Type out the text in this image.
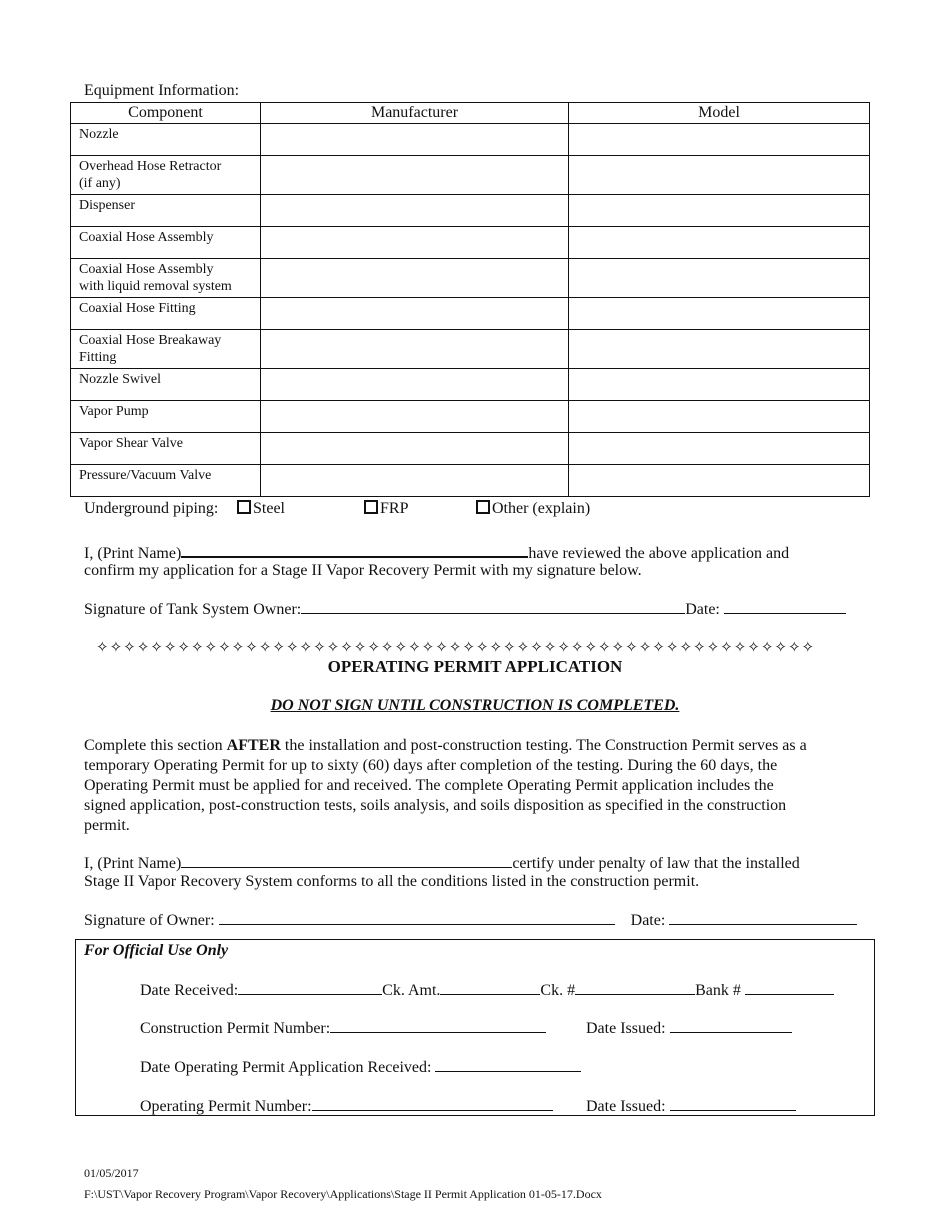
Equipment Information:
Component	Manufacturer	Model

Nozzle		

Overhead Hose Retractor
(if any)		

Dispenser		

Coaxial Hose Assembly		

Coaxial Hose Assembly
with liquid removal system		

Coaxial Hose Fitting		

Coaxial Hose Breakaway
Fitting		

Nozzle Swivel		

Vapor Pump		

Vapor Shear Valve		

Pressure/Vacuum Valve		

Underground piping:	Steel	FRP	Other (explain)
I, (Print Name)	have reviewed the above application and
confirm my application for a Stage II Vapor Recovery Permit with my signature below.
Signature of Tank System Owner:	Date:
✧✧✧✧✧✧✧✧✧✧✧✧✧✧✧✧✧✧✧✧✧✧✧✧✧✧✧✧✧✧✧✧✧✧✧✧✧✧✧✧✧✧✧✧✧✧✧✧✧✧✧✧✧
OPERATING PERMIT APPLICATION
DO NOT SIGN UNTIL CONSTRUCTION IS COMPLETED.
Complete this section AFTER the installation and post-construction testing. The Construction Permit serves as a
temporary Operating Permit for up to sixty (60) days after completion of the testing. During the 60 days, the
Operating Permit must be applied for and received. The complete Operating Permit application includes the
signed application, post-construction tests, soils analysis, and soils disposition as specified in the construction
permit.
I, (Print Name)	certify under penalty of law that the installed
Stage II Vapor Recovery System conforms to all the conditions listed in the construction permit.
Signature of Owner:	Date:
For Official Use Only
Date Received:	Ck. Amt.	Ck. #	Bank #
Construction Permit Number:	Date Issued:
Date Operating Permit Application Received:
Operating Permit Number:	Date Issued:
01/05/2017
F:\UST\Vapor Recovery Program\Vapor Recovery\Applications\Stage II Permit Application 01-05-17.Docx
